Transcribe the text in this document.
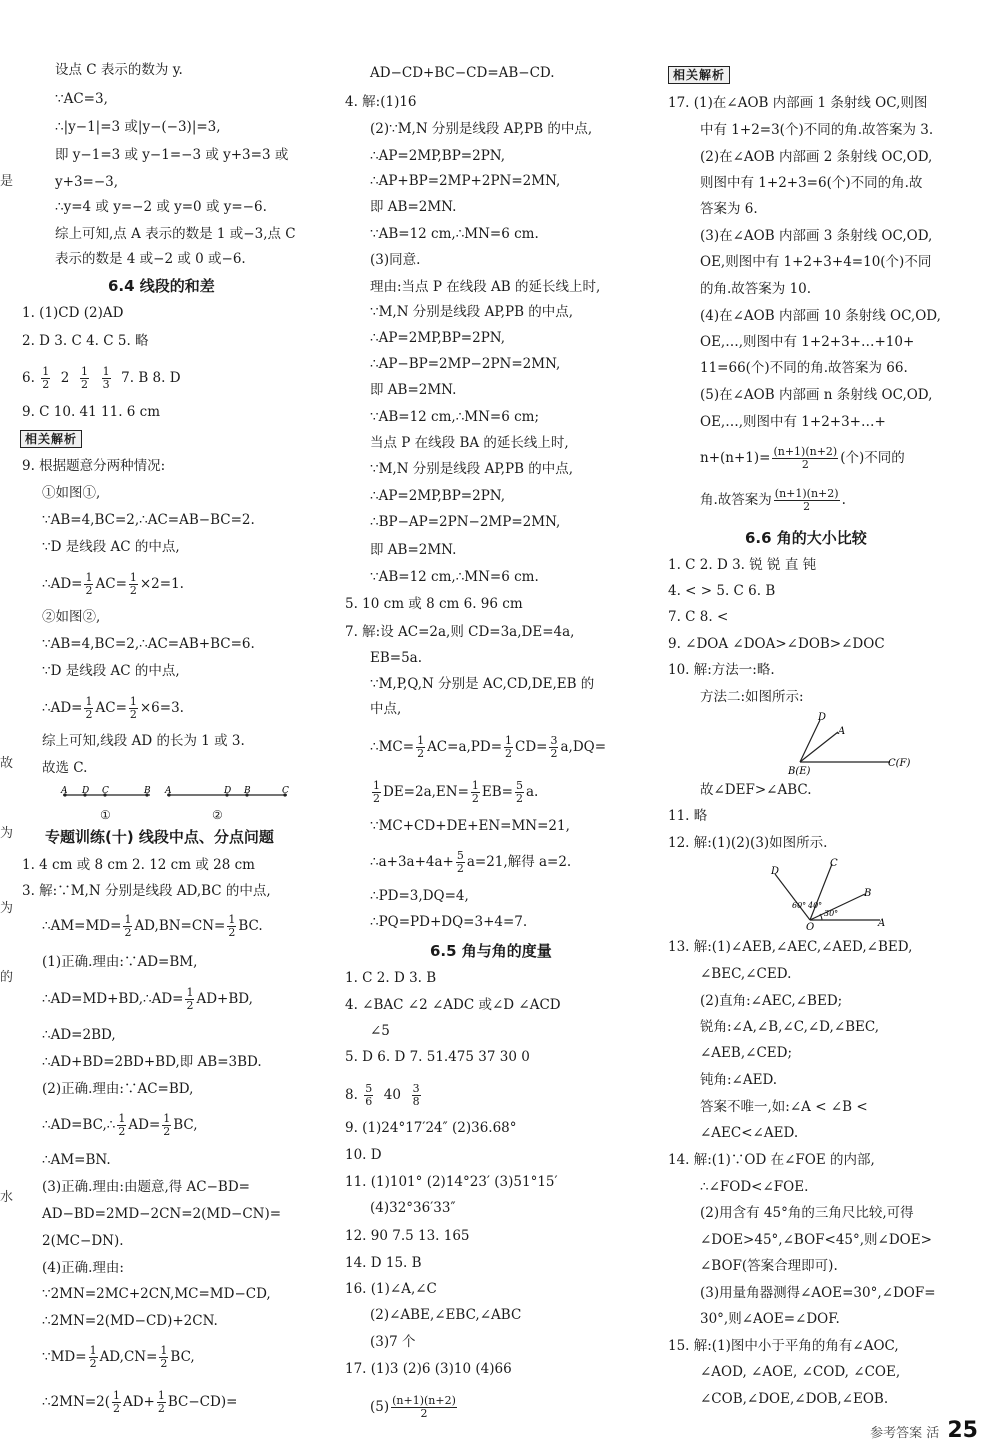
是
故
为
为
的
水
设点 C 表示的数为 y.
∵AC=3,
∴|y−1|=3 或|y−(−3)|=3,
即 y−1=3 或 y−1=−3 或 y+3=3 或
y+3=−3,
∴y=4 或 y=−2 或 y=0 或 y=−6.
综上可知,点 A 表示的数是 1 或−3,点 C
表示的数是 4 或−2 或 0 或−6.
6.4 线段的和差
1. (1)CD (2)AD
2. D 3. C 4. C 5. 略
6. $\frac{1}{2} 2 \frac{1}{2}$
$\frac{1}{3} 7$. B 8. D
9. C 10. 41 11. 6 cm
相关解析
9. 根据题意分两种情况:
①如图①,
∵AB=4,BC=2,∴AC=AB−BC=2.
∵D 是线段 AC 的中点,
∴AD= $\frac{1}{2} AC= \frac{1}{2} \times 2=1$.
②如图②,
∵AB=4,BC=2,∴AC=AB+BC=6.
∵D 是线段 AC 的中点,
∴AD= $\frac{1}{2} AC= \frac{1}{2} \times 6=3$.
综上可知,线段 AD 的长为 1 或 3.
故选 C.
A D C	B A	D B	C
①	②
专题训练(十) 线段中点、分点问题
1. 4 cm 或 8 cm 2. 12 cm 或 28 cm
3. 解:∵M,N 分别是线段 AD,BC 的中点,
∴AM=MD= $\frac{1}{2} AD,BN=CN= \frac{1}{2}$ BC.
(1)正确.理由:∵AD=BM,
∴AD=MD+BD,∴AD= $\frac{1}{2} AD+BD$,
∴AD=2BD,
∴AD+BD=2BD+BD,即 AB=3BD.
(2)正确.理由:∵AC=BD,
∴AD=BC,∴ $\frac{1}{2} AD= \frac{1}{2}$ BC,
∴AM=BN.
(3)正确.理由:由题意,得 AC−BD=
AD−BD=2MD−2CN=2(MD−CN)=
2(MC−DN).
(4)正确.理由:
∵2MN=2MC+2CN,MC=MD−CD,
∴2MN=2(MD−CD)+2CN.
∵MD= $\frac{1}{2} AD,CN= \frac{1}{2}$ BC,
∴2MN=2( $\frac{1}{2} AD+ \frac{1}{2} BC-CD)=$
AD−CD+BC−CD=AB−CD.
4. 解:(1)16
(2)∵M,N 分别是线段 AP,PB 的中点,
∴AP=2MP,BP=2PN,
∴AP+BP=2MP+2PN=2MN,
即 AB=2MN.
∵AB=12 cm,∴MN=6 cm.
(3)同意.
理由:当点 P 在线段 AB 的延长线上时,
∵M,N 分别是线段 AP,PB 的中点,
∴AP=2MP,BP=2PN,
∴AP−BP=2MP−2PN=2MN,
即 AB=2MN.
∵AB=12 cm,∴MN=6 cm;
当点 P 在线段 BA 的延长线上时,
∵M,N 分别是线段 AP,PB 的中点,
∴AP=2MP,BP=2PN,
∴BP−AP=2PN−2MP=2MN,
即 AB=2MN.
∵AB=12 cm,∴MN=6 cm.
5. 10 cm 或 8 cm 6. 96 cm
7. 解:设 AC=2a,则 CD=3a,DE=4a,
EB=5a.
∵M,P,Q,N 分别是 AC,CD,DE,EB 的
中点,
∴MC= $\frac{1}{2} AC=a,PD= \frac{1}{2} CD= \frac{3}{2} a,DQ=$
$\frac{1}{2} DE=2a,EN= \frac{1}{2} EB= \frac{5}{2} a$.
∵MC+CD+DE+EN=MN=21,
∴a+3a+4a+ $\frac{5}{2} a=21$,解得 a=2.
∴PD=3,DQ=4,
∴PQ=PD+DQ=3+4=7.
6.5 角与角的度量
1. C 2. D 3. B
4. ∠BAC ∠2 ∠ADC 或∠D ∠ACD
∠5
5. D 6. D 7. 51.475 37 30 0
8. $\frac{5}{6} 40 \frac{3}{8}$
9. (1)24°17′24″ (2)36.68°
10. D
11. (1)101° (2)14°23′ (3)51°15′
(4)32°36′33″
12. 90 7.5 13. 165
14. D 15. B
16. (1)∠A,∠C
(2)∠ABE,∠EBC,∠ABC
(3)7 个
17. (1)3 (2)6 (3)10 (4)66
$(5) \frac{(n+1)(n+2)}{2}$
相关解析
17. (1)在∠AOB 内部画 1 条射线 OC,则图
中有 1+2=3(个)不同的角.故答案为 3.
(2)在∠AOB 内部画 2 条射线 OC,OD,
则图中有 1+2+3=6(个)不同的角.故
答案为 6.
(3)在∠AOB 内部画 3 条射线 OC,OD,
OE,则图中有 1+2+3+4=10(个)不同
的角.故答案为 10.
(4)在∠AOB 内部画 10 条射线 OC,OD,
OE,…,则图中有 1+2+3+…+10+
11=66(个)不同的角.故答案为 66.
(5)在∠AOB 内部画 n 条射线 OC,OD,
OE,…,则图中有 1+2+3+…+
$n+(n+1)= \frac{(n+1)(n+2)}{2}$ (个)不同的
角.故答案为 $\frac{(n+1)(n+2)}{2}$ .
6.6 角的大小比较
1. C 2. D 3. 锐 锐 直 钝
4. < > 5. C 6. B
7. C 8. <
9. ∠DOA ∠DOA>∠DOB>∠DOC
10. 解:方法一:略.
方法二:如图所示:
D
A
B(E)
C(F)
故∠DEF>∠ABC.
11. 略
12. 解:(1)(2)(3)如图所示.
D
C
B
A
O
60° 40°
30°
13. 解:(1)∠AEB,∠AEC,∠AED,∠BED,
∠BEC,∠CED.
(2)直角:∠AEC,∠BED;
锐角:∠A,∠B,∠C,∠D,∠BEC,
∠AEB,∠CED;
钝角:∠AED.
答案不唯一,如:∠A < ∠B <
∠AEC<∠AED.
14. 解:(1)∵OD 在∠FOE 的内部,
∴∠FOD<∠FOE.
(2)用含有 45°角的三角尺比较,可得
∠DOE>45°,∠BOF<45°,则∠DOE>
∠BOF(答案合理即可).
(3)用量角器测得∠AOE=30°,∠DOF=
30°,则∠AOE=∠DOF.
15. 解:(1)图中小于平角的角有∠AOC,
∠AOD, ∠AOE, ∠COD, ∠COE,
∠COB,∠DOE,∠DOB,∠EOB.
参考答案 活 25
